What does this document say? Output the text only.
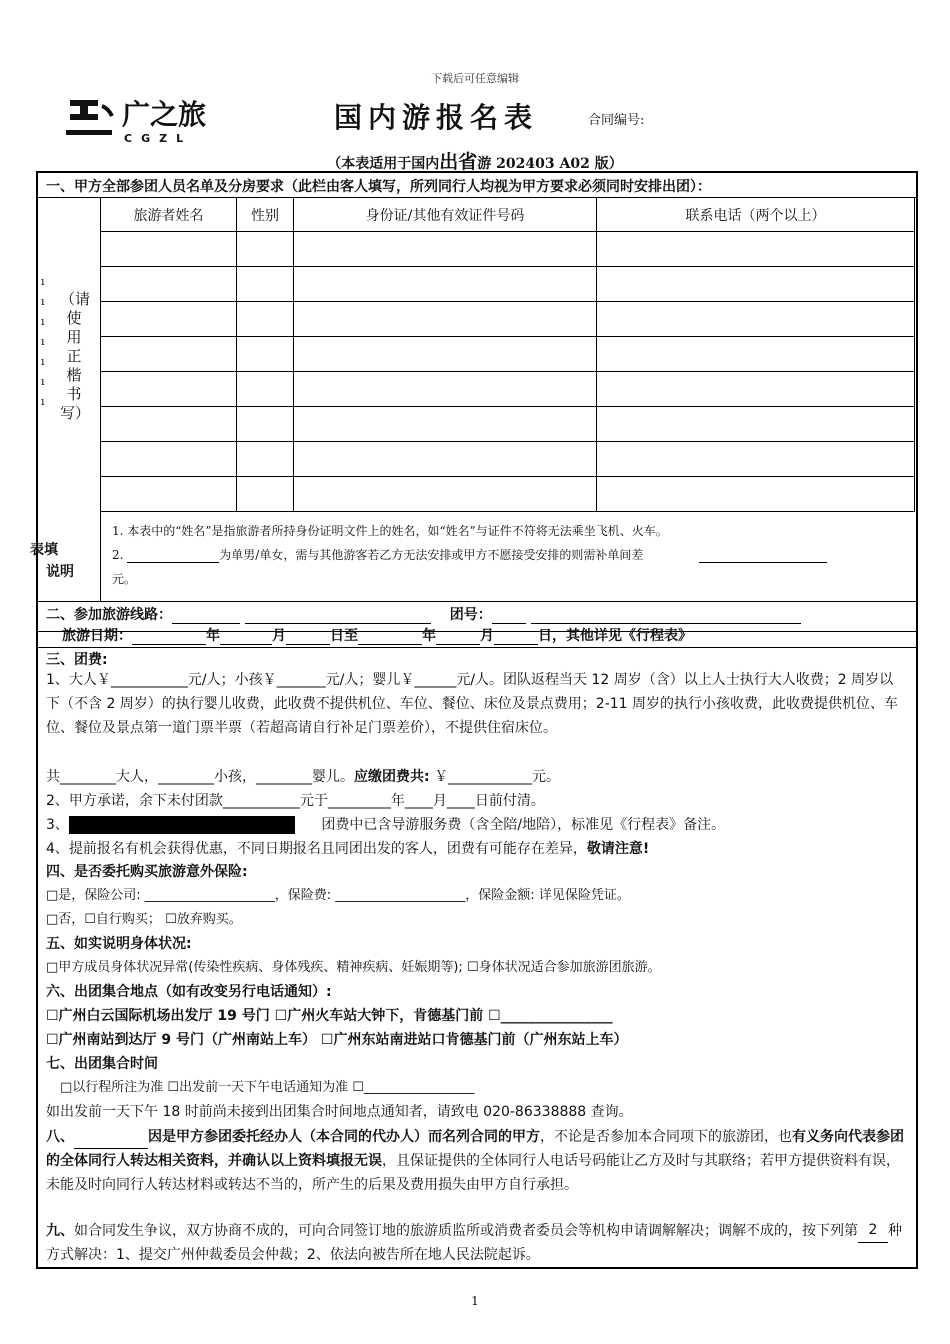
下载后可任意编辑
广之旅
CGZL
国内游报名表	合同编号:
（本表适用于国内出省游 202403 A02 版）
一、甲方全部参团人员名单及分房要求（此栏由客人填写，所列同行人均视为甲方要求必须同时安排出团）：
ı
ı
ı
ı
ı
ı
ı
（请使用正楷书写）
旅游者姓名	性别	身份证/其他有效证件号码	联系电话（两个以上）

表填
说明
1. 本表中的“姓名”是指旅游者所持身份证明文件上的姓名，如“姓名”与证件不符将无法乘坐飞机、火车。
2.	为单男/单女，需与其他游客若乙方无法安排或甲方不愿接受安排的则需补单间差
元。
二、参加旅游线路：	团号：
旅游日期：	年	月	日至	年	月	日，其他详见《行程表》
三、团费:
1、大人￥___________元/人；小孩￥_______元/人；婴儿￥______元/人。团队返程当天 12 周岁（含）以上人士执行大人收费；2 周岁以下（不含 2 周岁）的执行婴儿收费，此收费不提供机位、车位、餐位、床位及景点费用；2-11 周岁的执行小孩收费，此收费提供机位、车位、餐位及景点第一道门票半票（若超高请自行补足门票差价），不提供住宿床位。
共________大人，________小孩，________婴儿。应缴团费共: ￥____________元。
2、甲方承诺，余下未付团款___________元于_________年____月____日前付清。
3、	团费中已含导游服务费（含全陪/地陪），标准见《行程表》备注。
4、提前报名有机会获得优惠，不同日期报名且同团出发的客人，团费有可能存在差异，敬请注意!
四、是否委托购买旅游意外保险:
□是，保险公司: ____________________，保险费: ____________________，保险金额: 详见保险凭证。
□否，☐自行购买； ☐放弃购买。
五、如实说明身体状况:
□甲方成员身体状况异常(传染性疾病、身体残疾、精神疾病、妊娠期等); ☐身体状况适合参加旅游团旅游。
六、出团集合地点（如有改变另行电话通知）:
☐广州白云国际机场出发厅 19 号门 ☐广州火车站大钟下，肯德基门前 ☐________________
☐广州南站到达厅 9 号门（广州南站上车） ☐广州东站南进站口肯德基门前（广州东站上车）
七、出团集合时间
□以行程所注为准 ☐出发前一天下午电话通知为准 ☐_________________
如出发前一天下午 18 时前尚未接到出团集合时间地点通知者，请致电 020-86338888 查询。
八、	因是甲方参团委托经办人（本合同的代办人）而名列合同的甲方，不论是否参加本合同项下的旅游团，也有义务向代表参团的全体同行人转达相关资料，并确认以上资料填报无误，且保证提供的全体同行人电话号码能让乙方及时与其联络；若甲方提供资料有误，未能及时向同行人转达材料或转达不当的，所产生的后果及费用损失由甲方自行承担。
九、如合同发生争议，双方协商不成的，可向合同签订地的旅游质监所或消费者委员会等机构申请调解解决；调解不成的，按下列第 2 种方式解决：1、提交广州仲裁委员会仲裁；2、依法向被告所在地人民法院起诉。
1
